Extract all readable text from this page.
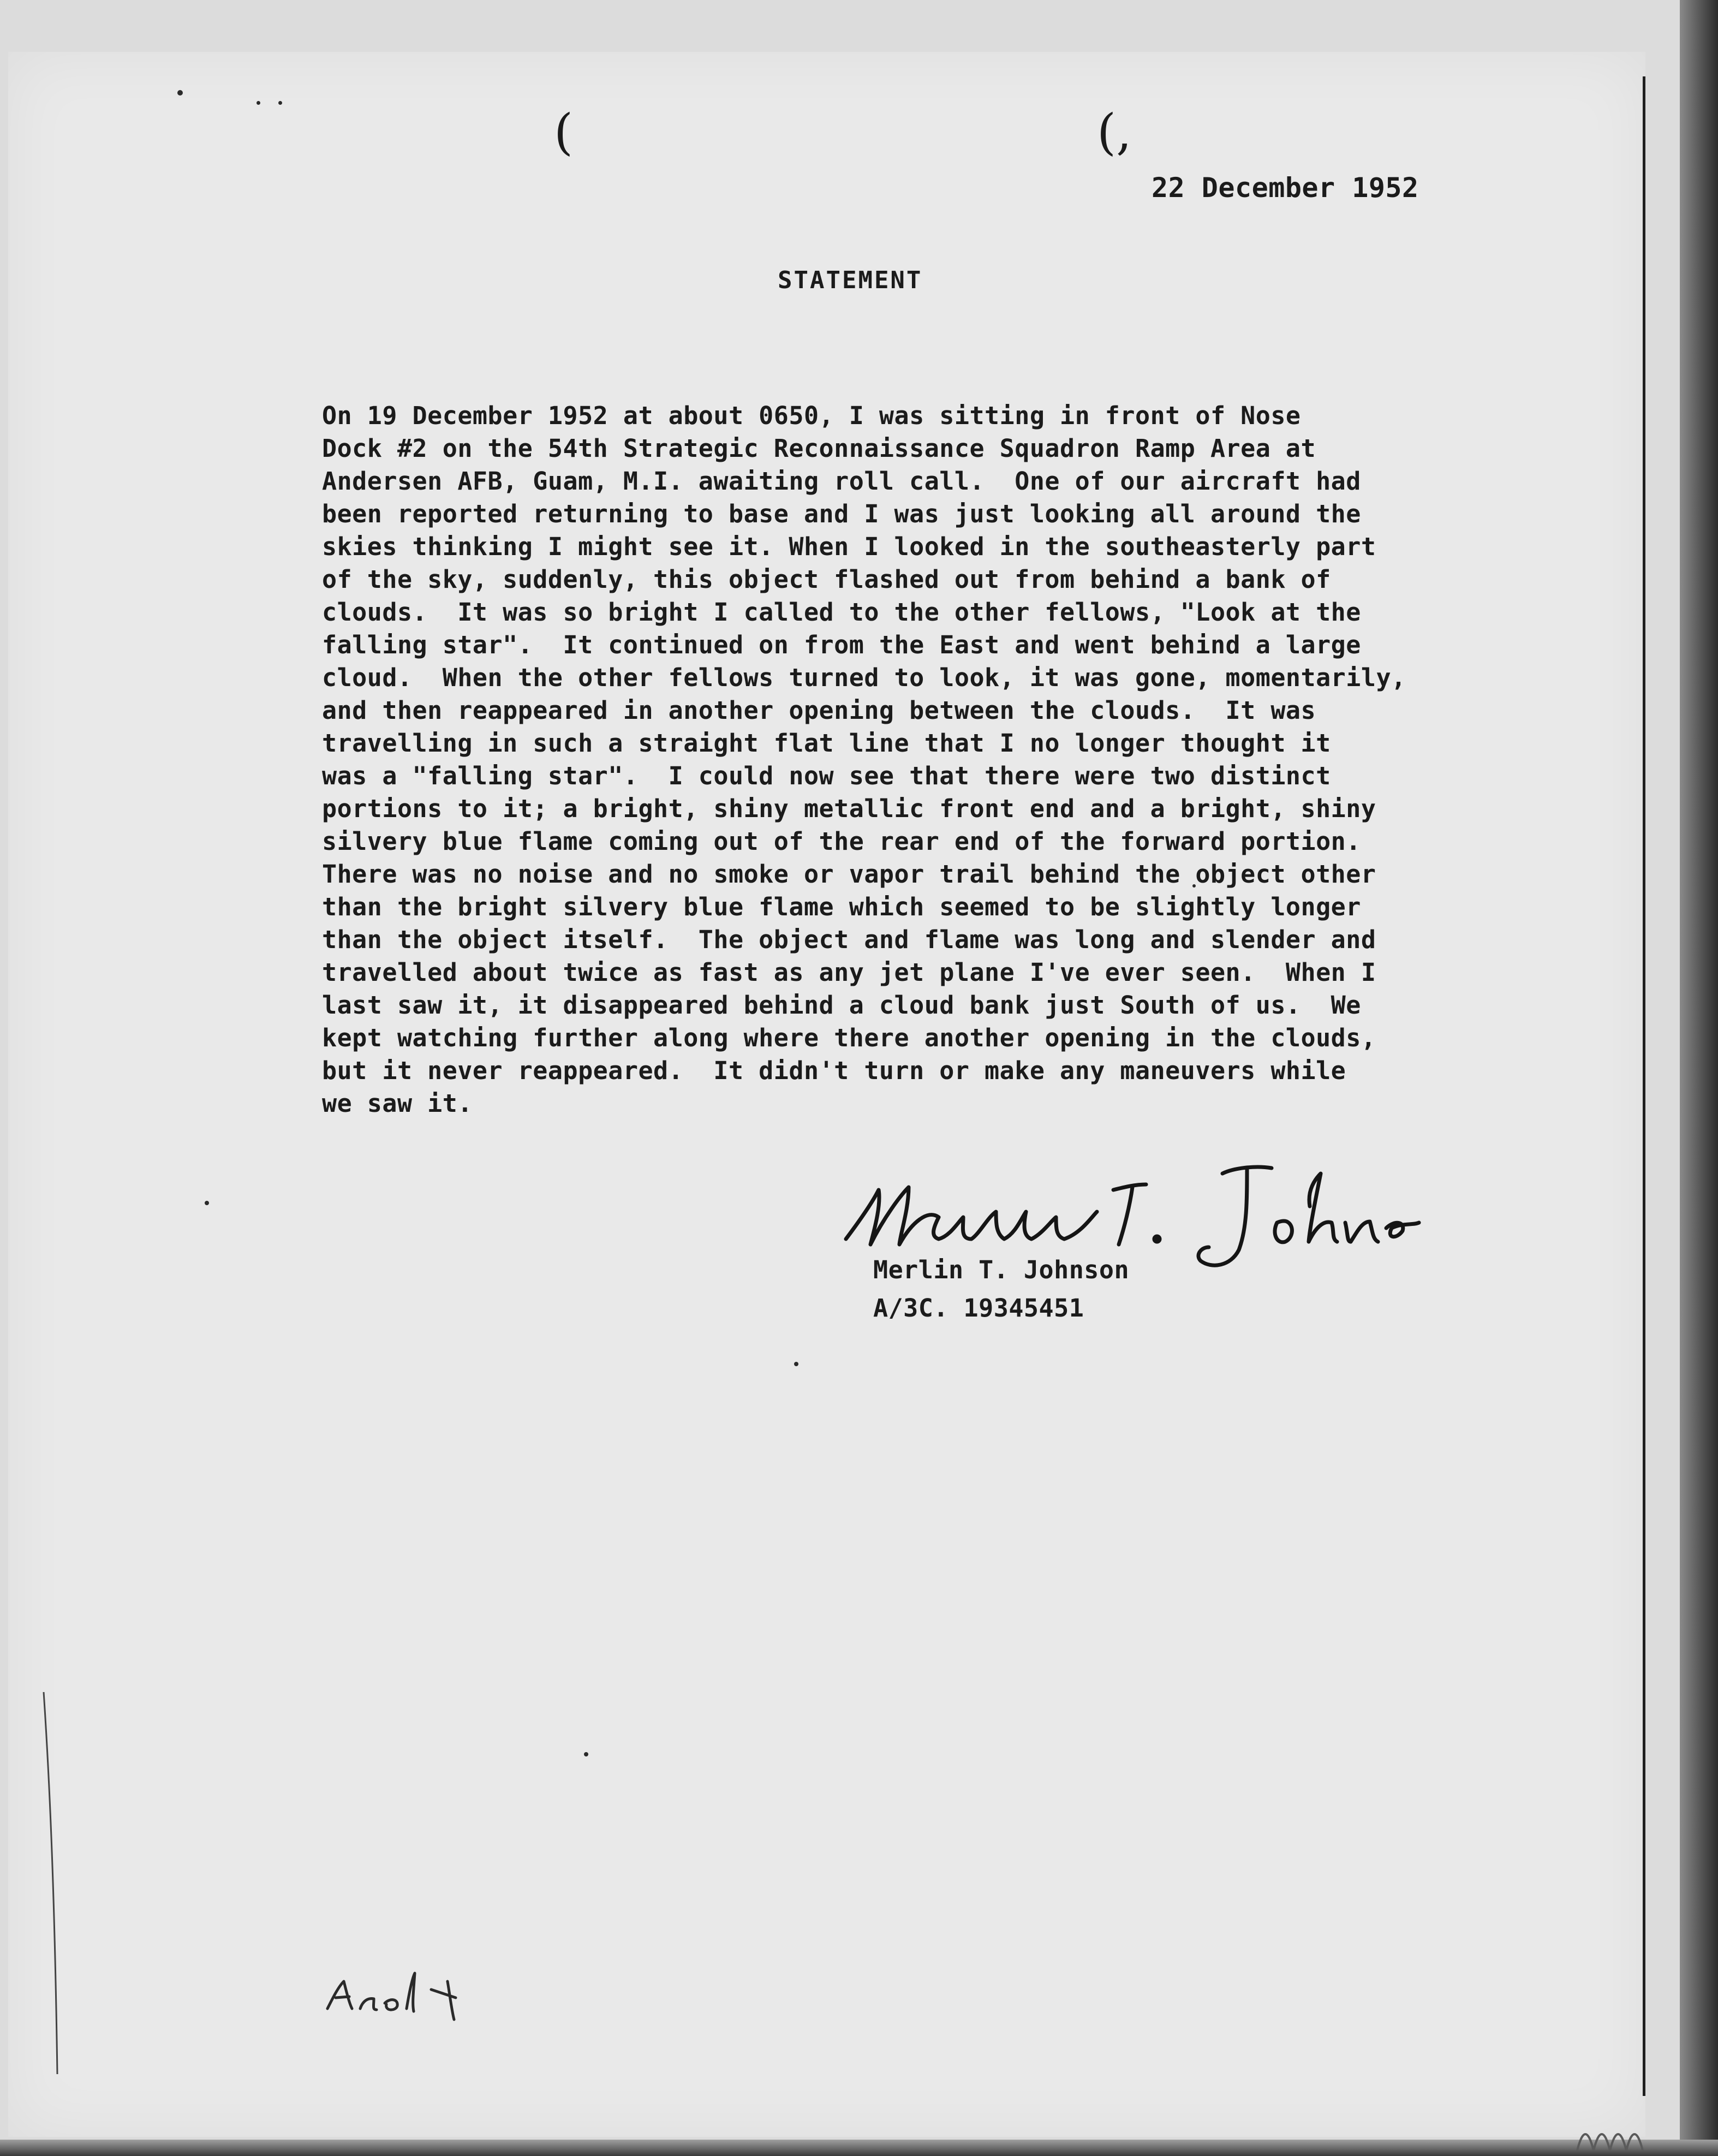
(	(,
22 December 1952
STATEMENT
On 19 December 1952 at about 0650, I was sitting in front of Nose
Dock #2 on the 54th Strategic Reconnaissance Squadron Ramp Area at
Andersen AFB, Guam, M.I. awaiting roll call.  One of our aircraft had
been reported returning to base and I was just looking all around the
skies thinking I might see it. When I looked in the southeasterly part
of the sky, suddenly, this object flashed out from behind a bank of
clouds.  It was so bright I called to the other fellows, "Look at the
falling star".  It continued on from the East and went behind a large
cloud.  When the other fellows turned to look, it was gone, momentarily,
and then reappeared in another opening between the clouds.  It was
travelling in such a straight flat line that I no longer thought it
was a "falling star".  I could now see that there were two distinct
portions to it; a bright, shiny metallic front end and a bright, shiny
silvery blue flame coming out of the rear end of the forward portion.
There was no noise and no smoke or vapor trail behind the object other
than the bright silvery blue flame which seemed to be slightly longer
than the object itself.  The object and flame was long and slender and
travelled about twice as fast as any jet plane I've ever seen.  When I
last saw it, it disappeared behind a cloud bank just South of us.  We
kept watching further along where there another opening in the clouds,
but it never reappeared.  It didn't turn or make any maneuvers while
we saw it.
Merlin T. Johnson
A/3C. 19345451
